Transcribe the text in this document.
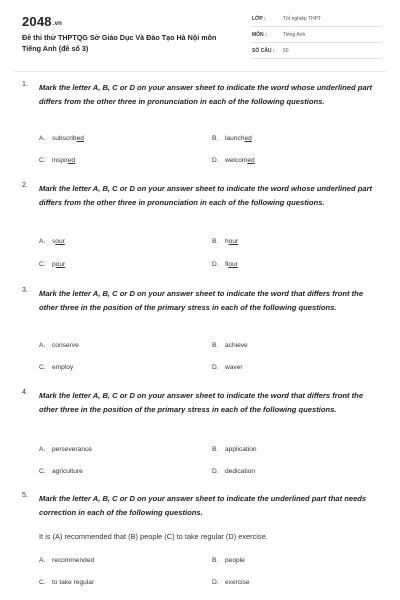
2048.vn
Đề thi thử THPTQG Sở Giáo Dục Và Đào Tạo Hà Nội môn Tiếng Anh (đề số 3)
LỚP :	Tốt nghiệp THPT
MÔN :	Tiếng Anh
SỐ CÂU : 50
1. Mark the letter A, B, C or D on your answer sheet to indicate the word whose underlined part differs from the other three in pronunciation in each of the following questions.
A. subscribed	B. launched
C. inspired	D. welcomed
2. Mark the letter A, B, C or D on your answer sheet to indicate the word whose underlined part differs from the other three in pronunciation in each of the following questions.
A. sour	B. hour
C. pour	D. flour
3. Mark the letter A, B, C or D on your answer sheet to indicate the word that differs front the other three in the position of the primary stress in each of the following questions.
A. conserve	B. achieve
C. employ	D. waver
4. Mark the letter A, B, C or D on your answer sheet to indicate the word that differs front the other three in the position of the primary stress in each of the following questions.
A. perseverance	B. application
C. agriculture	D. dedication
5. Mark the letter A, B, C or D on your answer sheet to indicate the underlined part that needs correction in each of the following questions.
It is (A) recommended that (B) people (C) to take regular (D) exercise.
A. recommended	B. people
C. to take regular	D. exercise
